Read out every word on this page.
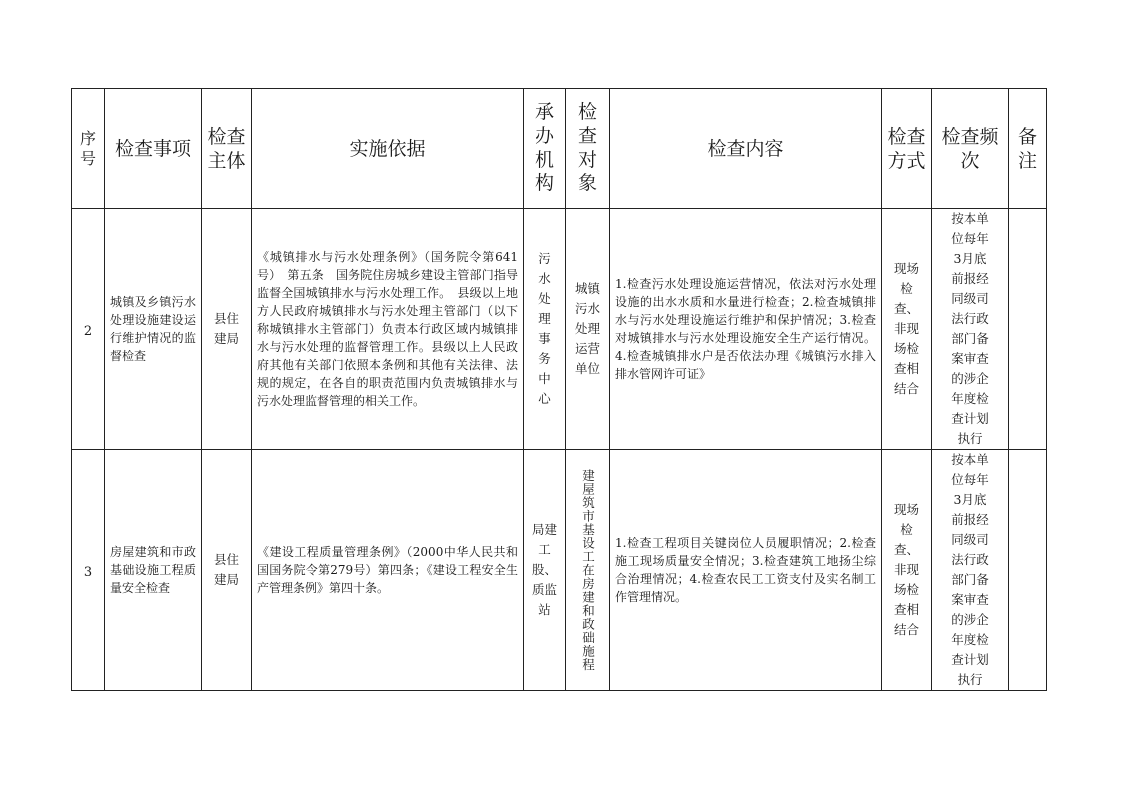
序号	检查事项	检查主体	实施依据	承办机构	检查对象	检查内容	检查方式	检查频次	备注
2	城镇及乡镇污水处理设施建设运行维护情况的监督检查	县住建局	《城镇排水与污水处理条例》（国务院令第641号）　第五条　国务院住房城乡建设主管部门指导监督全国城镇排水与污水处理工作。　县级以上地方人民政府城镇排水与污水处理主管部门（以下称城镇排水主管部门）负责本行政区域内城镇排水与污水处理的监督管理工作。县级以上人民政府其他有关部门依照本条例和其他有关法律、法规的规定，在各自的职责范围内负责城镇排水与污水处理监督管理的相关工作。	污水处理事务中心	城镇污水处理运营单位	1.检查污水处理设施运营情况，依法对污水处理设施的出水水质和水量进行检查；2.检查城镇排水与污水处理设施运行维护和保护情况；3.检查对城镇排水与污水处理设施安全生产运行情况。4.检查城镇排水户是否依法办理《城镇污水排入排水管网许可证》	现场检查、非现场检查相结合	按本单位每年3月底前报经同级司法行政部门备案审查的涉企年度检查计划执行	
3	房屋建筑和市政基础设施工程质量安全检查	县住建局	《建设工程质量管理条例》（2000中华人民共和国国务院令第279号）第四条；《建设工程安全生产管理条例》第四十条。	局建工股、质监站	建屋筑市基设工在房建和政础施程	1.检查工程项目关键岗位人员履职情况；2.检查施工现场质量安全情况；3.检查建筑工地扬尘综合治理情况；4.检查农民工工资支付及实名制工作管理情况。	现场检查、非现场检查相结合	按本单位每年3月底前报经同级司法行政部门备案审查的涉企年度检查计划执行	
